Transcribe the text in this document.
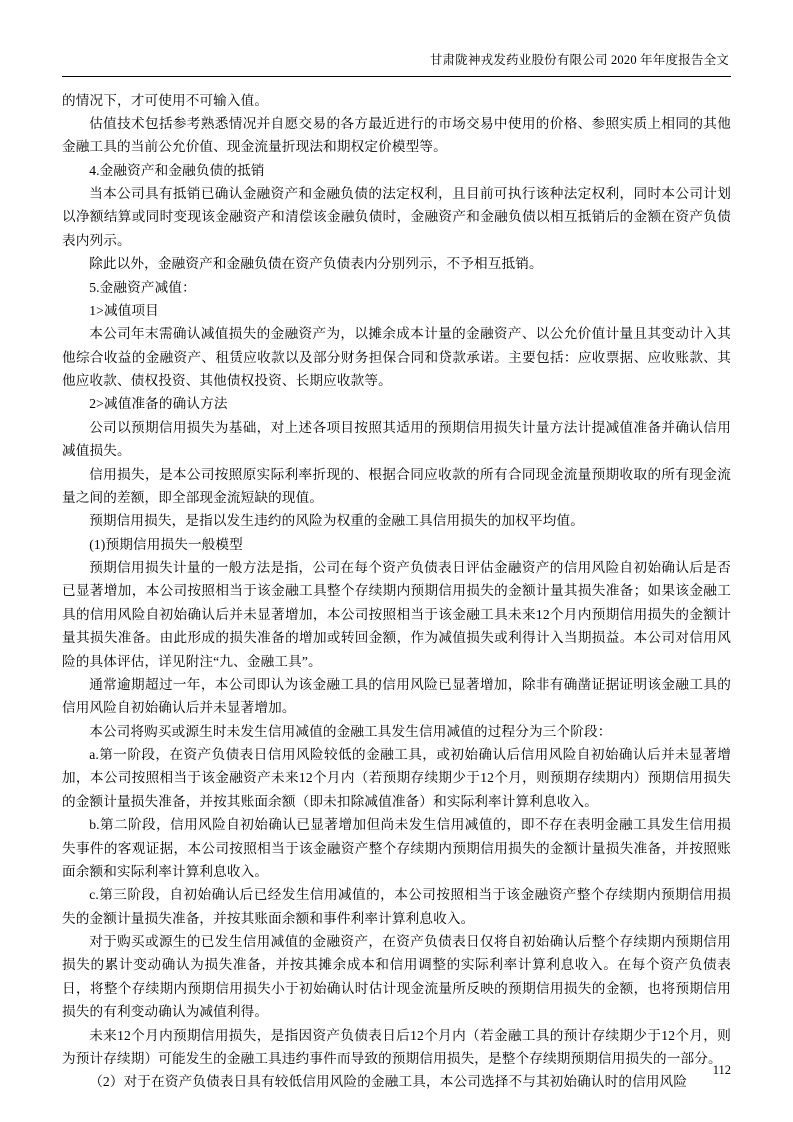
甘肃陇神戎发药业股份有限公司 2020 年年度报告全文

的情况下，才可使用不可输入值。

估值技术包括参考熟悉情况并自愿交易的各方最近进行的市场交易中使用的价格、参照实质上相同的其他金融工具的当前公允价值、现金流量折现法和期权定价模型等。

4.金融资产和金融负债的抵销

当本公司具有抵销已确认金融资产和金融负债的法定权利，且目前可执行该种法定权利，同时本公司计划以净额结算或同时变现该金融资产和清偿该金融负债时，金融资产和金融负债以相互抵销后的金额在资产负债表内列示。

除此以外，金融资产和金融负债在资产负债表内分别列示，不予相互抵销。

5.金融资产减值：

1>减值项目

本公司年末需确认减值损失的金融资产为，以摊余成本计量的金融资产、以公允价值计量且其变动计入其他综合收益的金融资产、租赁应收款以及部分财务担保合同和贷款承诺。主要包括：应收票据、应收账款、其他应收款、债权投资、其他债权投资、长期应收款等。

2>减值准备的确认方法

公司以预期信用损失为基础，对上述各项目按照其适用的预期信用损失计量方法计提减值准备并确认信用减值损失。

信用损失，是本公司按照原实际利率折现的、根据合同应收款的所有合同现金流量预期收取的所有现金流量之间的差额，即全部现金流短缺的现值。

预期信用损失，是指以发生违约的风险为权重的金融工具信用损失的加权平均值。

(1)预期信用损失一般模型

预期信用损失计量的一般方法是指，公司在每个资产负债表日评估金融资产的信用风险自初始确认后是否已显著增加，本公司按照相当于该金融工具整个存续期内预期信用损失的金额计量其损失准备；如果该金融工具的信用风险自初始确认后并未显著增加，本公司按照相当于该金融工具未来12个月内预期信用损失的金额计量其损失准备。由此形成的损失准备的增加或转回金额，作为减值损失或利得计入当期损益。本公司对信用风险的具体评估，详见附注“九、金融工具”。

通常逾期超过一年，本公司即认为该金融工具的信用风险已显著增加，除非有确凿证据证明该金融工具的信用风险自初始确认后并未显著增加。

本公司将购买或源生时未发生信用减值的金融工具发生信用减值的过程分为三个阶段：

a.第一阶段，在资产负债表日信用风险较低的金融工具，或初始确认后信用风险自初始确认后并未显著增加，本公司按照相当于该金融资产未来12个月内（若预期存续期少于12个月，则预期存续期内）预期信用损失的金额计量损失准备，并按其账面余额（即未扣除减值准备）和实际利率计算利息收入。

b.第二阶段，信用风险自初始确认已显著增加但尚未发生信用减值的，即不存在表明金融工具发生信用损失事件的客观证据，本公司按照相当于该金融资产整个存续期内预期信用损失的金额计量损失准备，并按照账面余额和实际利率计算利息收入。

c.第三阶段，自初始确认后已经发生信用减值的，本公司按照相当于该金融资产整个存续期内预期信用损失的金额计量损失准备，并按其账面余额和事件利率计算利息收入。

对于购买或源生的已发生信用减值的金融资产，在资产负债表日仅将自初始确认后整个存续期内预期信用损失的累计变动确认为损失准备，并按其摊余成本和信用调整的实际利率计算利息收入。在每个资产负债表日，将整个存续期内预期信用损失小于初始确认时估计现金流量所反映的预期信用损失的金额，也将预期信用损失的有利变动确认为减值利得。

未来12个月内预期信用损失，是指因资产负债表日后12个月内（若金融工具的预计存续期少于12个月，则为预计存续期）可能发生的金融工具违约事件而导致的预期信用损失，是整个存续期预期信用损失的一部分。

（2）对于在资产负债表日具有较低信用风险的金融工具，本公司选择不与其初始确认时的信用风险

112
